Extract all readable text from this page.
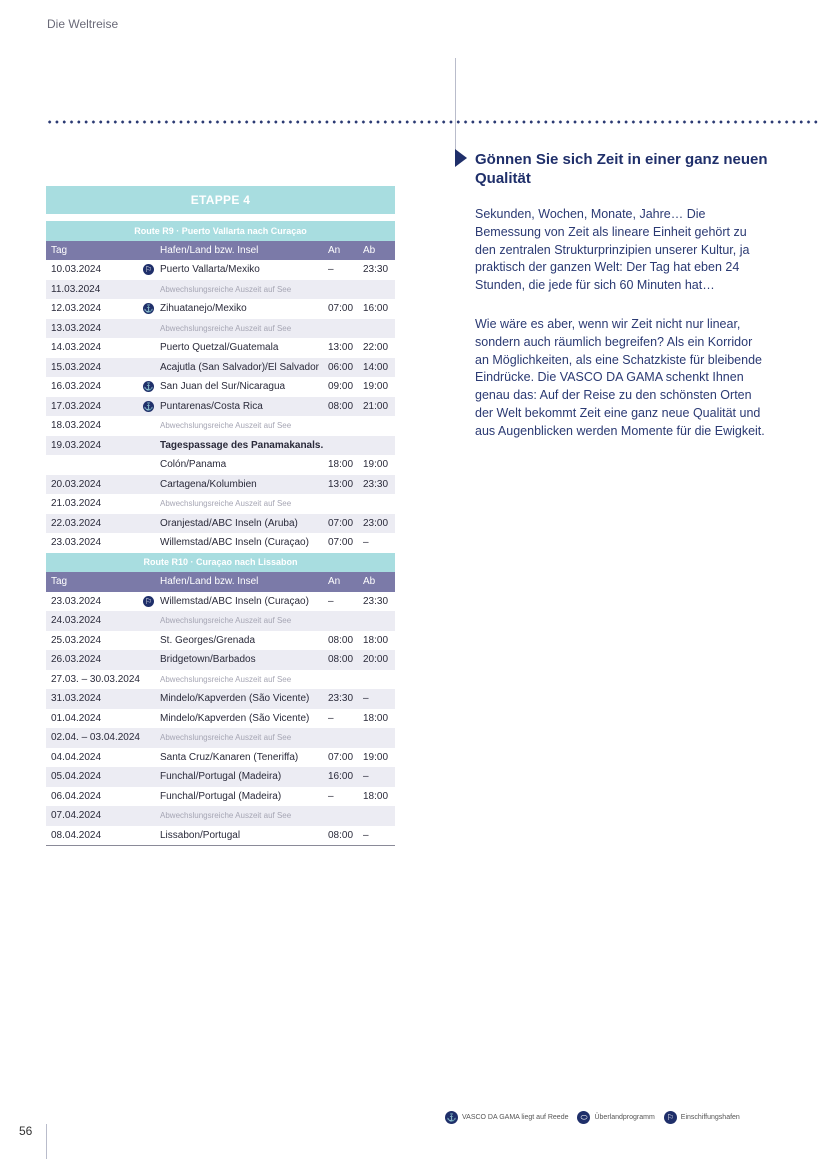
Die Weltreise
ETAPPE 4
Route R9 · Puerto Vallarta nach Curaçao
Tag	Hafen/Land bzw. Insel	An Ab
10.03.2024	⚐ Puerto Vallarta/Mexiko	–	23:30
11.03.2024	Abwechslungsreiche Auszeit auf See
12.03.2024	⚓ Zihuatanejo/Mexiko	07:00 16:00
13.03.2024	Abwechslungsreiche Auszeit auf See
14.03.2024	Puerto Quetzal/Guatemala	13:00 22:00
15.03.2024	Acajutla (San Salvador)/El Salvador 06:00 14:00
16.03.2024	⚓ San Juan del Sur/Nicaragua	09:00 19:00
17.03.2024	⚓ Puntarenas/Costa Rica	08:00 21:00
18.03.2024	Abwechslungsreiche Auszeit auf See
19.03.2024	Tagespassage des Panamakanals.
Colón/Panama	18:00 19:00
20.03.2024	Cartagena/Kolumbien	13:00 23:30
21.03.2024	Abwechslungsreiche Auszeit auf See
22.03.2024	Oranjestad/ABC Inseln (Aruba)	07:00 23:00
23.03.2024	Willemstad/ABC Inseln (Curaçao) 07:00 –
Route R10 · Curaçao nach Lissabon
Tag	Hafen/Land bzw. Insel	An Ab
23.03.2024	⚐ Willemstad/ABC Inseln (Curaçao) –	23:30
24.03.2024	Abwechslungsreiche Auszeit auf See
25.03.2024	St. Georges/Grenada	08:00 18:00
26.03.2024	Bridgetown/Barbados	08:00 20:00
27.03. – 30.03.2024	Abwechslungsreiche Auszeit auf See
31.03.2024	Mindelo/Kapverden (São Vicente) 23:30 –
01.04.2024	Mindelo/Kapverden (São Vicente) –	18:00
02.04. – 03.04.2024	Abwechslungsreiche Auszeit auf See
04.04.2024	Santa Cruz/Kanaren (Teneriffa)	07:00 19:00
05.04.2024	Funchal/Portugal (Madeira)	16:00 –
06.04.2024	Funchal/Portugal (Madeira)	–	18:00
07.04.2024	Abwechslungsreiche Auszeit auf See
08.04.2024	Lissabon/Portugal	08:00 –
Gönnen Sie sich Zeit in einer ganz neuen Qualität
Sekunden, Wochen, Monate, Jahre… Die Bemessung von Zeit als lineare Einheit gehört zu den zentralen Strukturprinzipien unserer Kultur, ja praktisch der ganzen Welt: Der Tag hat eben 24 Stunden, die jede für sich 60 Minuten hat…
Wie wäre es aber, wenn wir Zeit nicht nur linear, sondern auch räumlich begreifen? Als ein Korridor an Möglichkeiten, als eine Schatzkiste für bleibende Eindrücke. Die VASCO DA GAMA schenkt Ihnen genau das: Auf der Reise zu den schönsten Orten der Welt bekommt Zeit eine ganz neue Qualität und aus Augenblicken werden Momente für die Ewigkeit.
⚓ VASCO DA GAMA liegt auf Reede	⬭	Überlandprogramm	⚐ Einschiffungshafen
56
